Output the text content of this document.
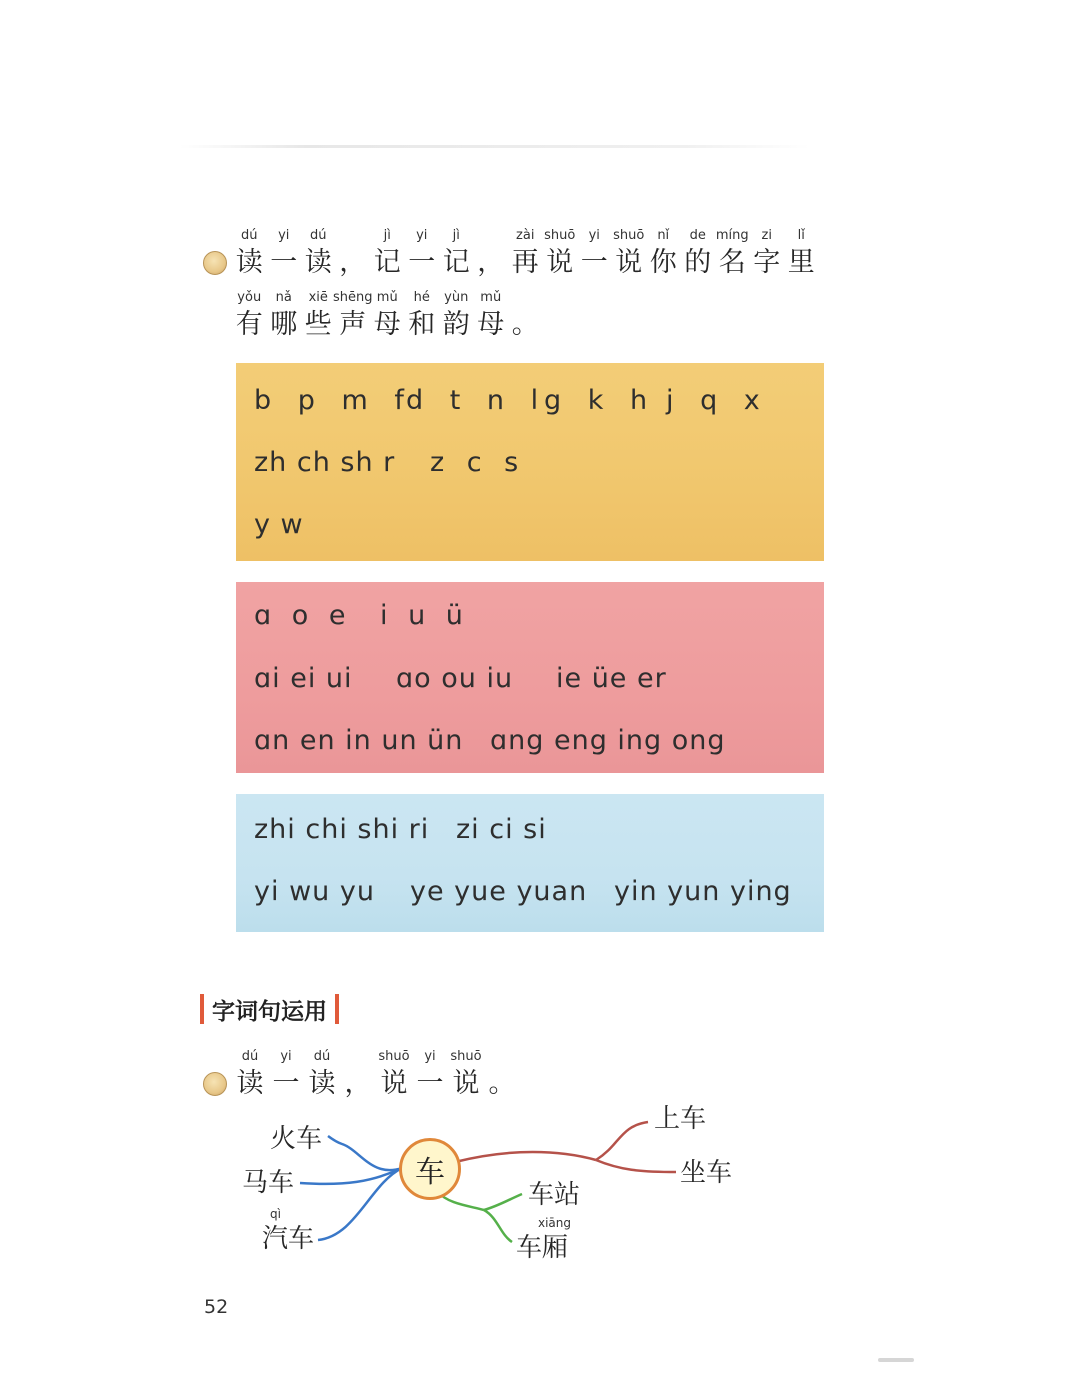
dú
读
yi
一
dú
读 ，
jì
记
yi
一
jì
记 ，
zài
再
shuō
说
yi
一
shuō
说
nǐ
你
de
的
míng
名
zi
字
lǐ
里
yǒu
有
nǎ
哪
xiē
些
shēng
声
mǔ
母
hé
和
yùn
韵
mǔ
母 。
b p m f
d t n l
g k h j q x
zh ch sh r z c s
y w
ɑ o e i u ü
ɑi ei ui ɑo ou iu ie üe er
ɑn en in un ün ɑng eng ing ong
zhi chi shi ri zi ci si
yi wu yu ye yue yuan yin yun ying
字词句运用
dú
读
yi
一
dú
读 ，
shuō
说
yi
一
shuō
说 。
车
火车
马车
qì
汽车
上车
坐车
车站
xiāng
车厢
52
